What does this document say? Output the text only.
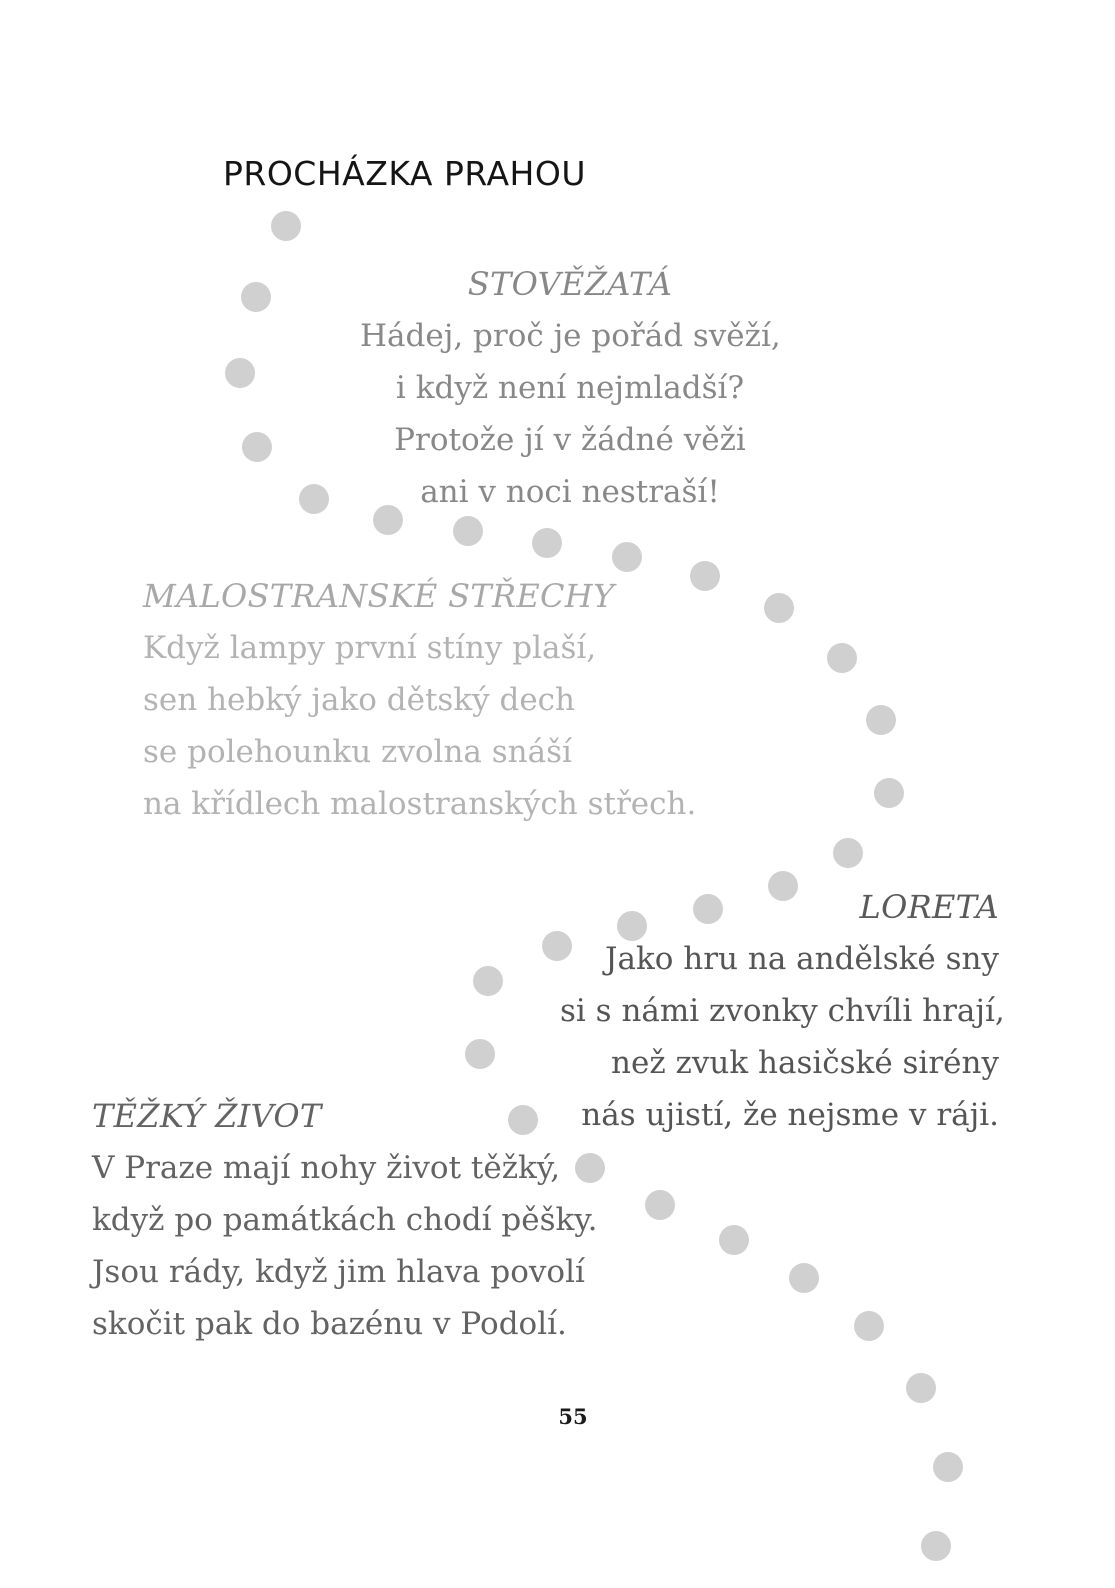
PROCHÁZKA PRAHOU
STOVĚŽATÁ
Hádej, proč je pořád svěží,
i když není nejmladší?
Protože jí v žádné věži
ani v noci nestraší!
MALOSTRANSKÉ STŘECHY
Když lampy první stíny plaší,
sen hebký jako dětský dech
se polehounku zvolna snáší
na křídlech malostranských střech.
LORETA
Jako hru na andělské sny
si s námi zvonky chvíli hrají,
než zvuk hasičské sirény
nás ujistí, že nejsme v ráji.
TĚŽKÝ ŽIVOT
V Praze mají nohy život těžký,
když po památkách chodí pěšky.
Jsou rády, když jim hlava povolí
skočit pak do bazénu v Podolí.
55
